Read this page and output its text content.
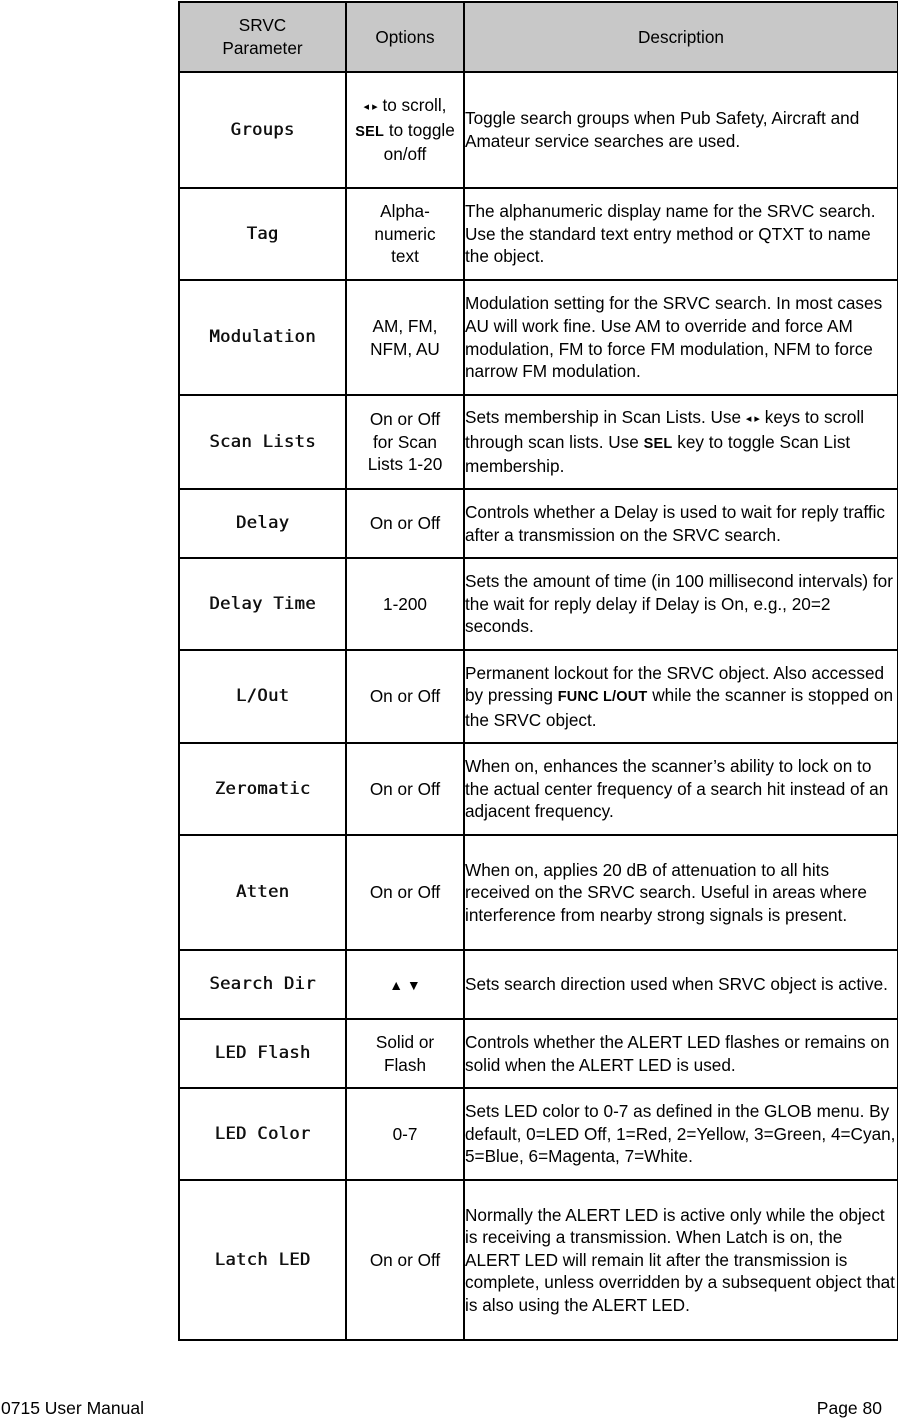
SRVC Parameter	Options	Description
Groups	◂ ▸ to scroll, SEL to toggle on/off	Toggle search groups when Pub Safety, Aircraft and Amateur service searches are used.
Tag	Alpha-numeric text	The alphanumeric display name for the SRVC search. Use the standard text entry method or QTXT to name the object.
Modulation	AM, FM, NFM, AU	Modulation setting for the SRVC search. In most cases AU will work fine. Use AM to override and force AM modulation, FM to force FM modulation, NFM to force narrow FM modulation.
Scan Lists	On or Off for Scan Lists 1-20	Sets membership in Scan Lists. Use ◂ ▸ keys to scroll through scan lists. Use SEL key to toggle Scan List membership.
Delay	On or Off	Controls whether a Delay is used to wait for reply traffic after a transmission on the SRVC search.
Delay Time	1-200	Sets the amount of time (in 100 millisecond intervals) for the wait for reply delay if Delay is On, e.g., 20=2 seconds.
L/Out	On or Off	Permanent lockout for the SRVC object. Also accessed by pressing FUNC L/OUT while the scanner is stopped on the SRVC object.
Zeromatic	On or Off	When on, enhances the scanner’s ability to lock on to the actual center frequency of a search hit instead of an adjacent frequency.
Atten	On or Off	When on, applies 20 dB of attenuation to all hits received on the SRVC search. Useful in areas where interference from nearby strong signals is present.
Search Dir	▲ ▼	Sets search direction used when SRVC object is active.
LED Flash	Solid or Flash	Controls whether the ALERT LED flashes or remains on solid when the ALERT LED is used.
LED Color	0-7	Sets LED color to 0-7 as defined in the GLOB menu. By default, 0=LED Off, 1=Red, 2=Yellow, 3=Green, 4=Cyan, 5=Blue, 6=Magenta, 7=White.
Latch LED	On or Off	Normally the ALERT LED is active only while the object is receiving a transmission. When Latch is on, the ALERT LED will remain lit after the transmission is complete, unless overridden by a subsequent object that is also using the ALERT LED.
0715 User Manual	Page 80
